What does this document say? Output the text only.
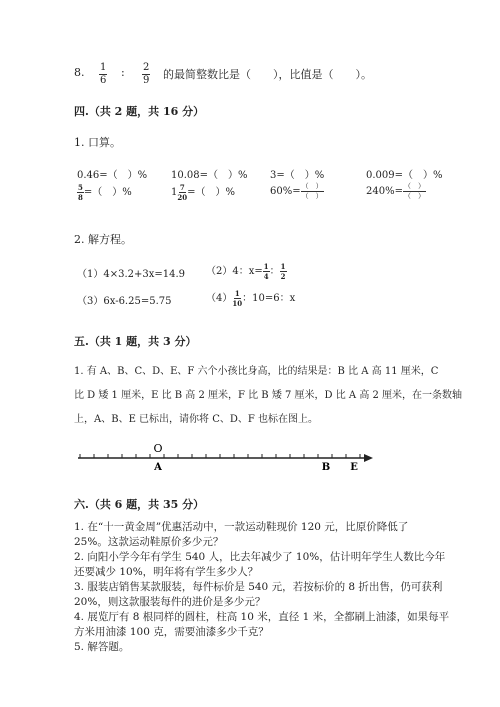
8. $\frac{1}{6}$ : $\frac{2}{9}$ 的最简整数比是（　　），比值是（　　）。
四.（共 2 题，共 16 分）
1. 口算。
0.46=（　）% 10.08=（　）% 3=（　）%	0.009=（　）%
$\frac{5}{8}$ =（　）%	$1 \frac{7}{20}$ =（　）%	$60\%= \frac{( )}{( )}$	$240\%= \frac{( )}{( )}$
2. 解方程。
（1）4×3.2+3x=14.9 （2）4：$x= \frac{1}{4}$ ： $\frac{1}{2}$
（3）6x-6.25=5.75	$(4) \frac{1}{10}$ ：10=6：x
五.（共 1 题，共 3 分）
1. 有 A、B、C、D、E、F 六个小孩比身高，比的结果是：B 比 A 高 11 厘米，C
比 D 矮 1 厘米，E 比 B 高 2 厘米，F 比 B 矮 7 厘米，D 比 A 高 2 厘米，在一条数轴
上，A、B、E 已标出，请你将 C、D、F 也标在图上。
O
A	B E
六.（共 6 题，共 35 分）
1. 在“十一黄金周”优惠活动中，一款运动鞋现价 120 元，比原价降低了
25%。这款运动鞋原价多少元？
2. 向阳小学今年有学生 540 人，比去年减少了 10%，估计明年学生人数比今年
还要减少 10%，明年将有学生多少人？
3. 服装店销售某款服装，每件标价是 540 元，若按标价的 8 折出售，仍可获利
20%，则这款服装每件的进价是多少元？
4. 展览厅有 8 根同样的圆柱，柱高 10 米，直径 1 米，全都刷上油漆，如果每平
方米用油漆 100 克，需要油漆多少千克？
5. 解答题。
